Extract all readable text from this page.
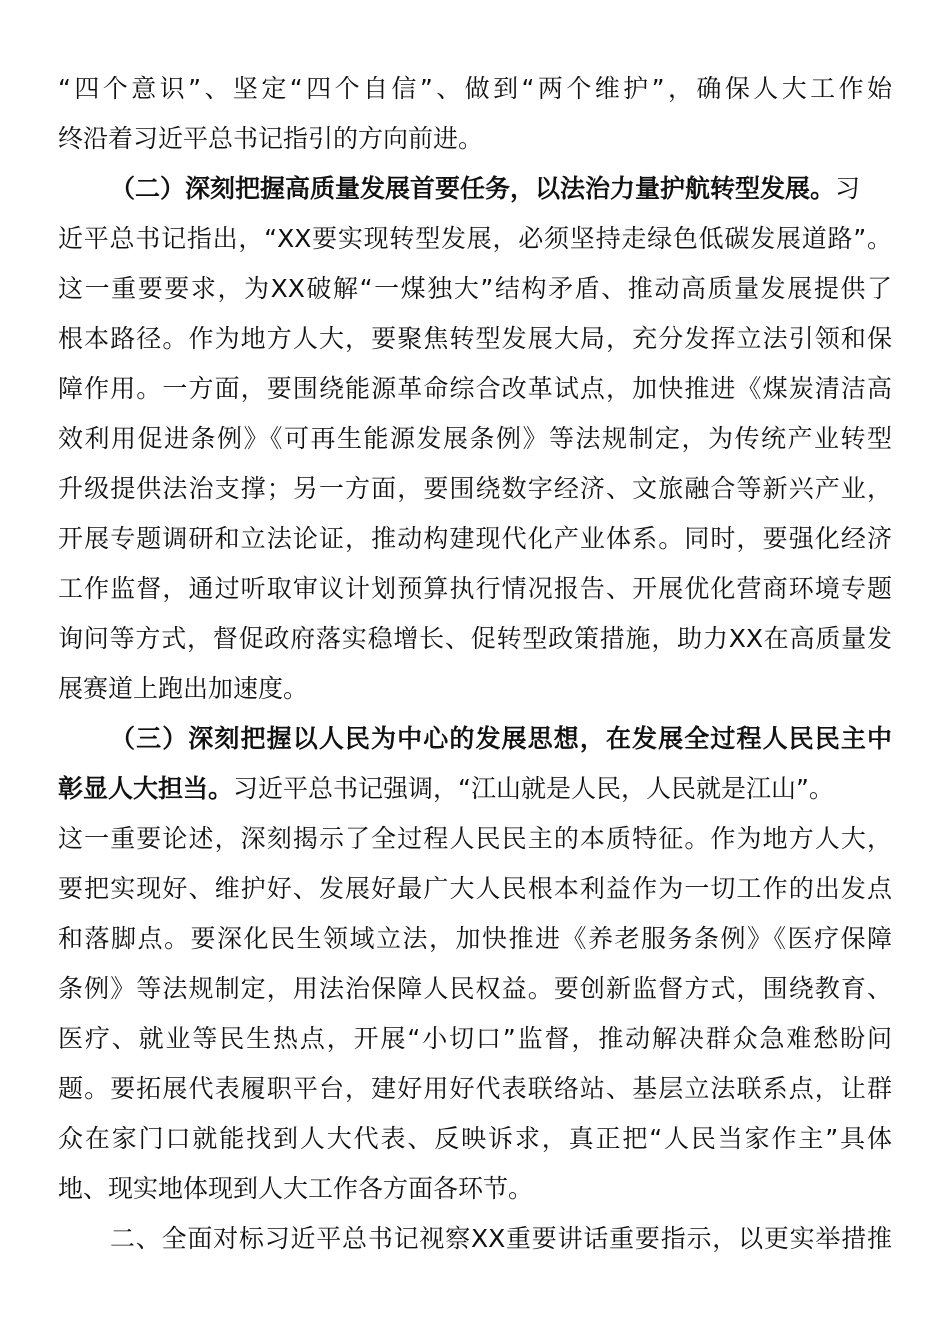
“四个意识”、坚定“四个自信”、做到“两个维护”，确保人大工作始

终沿着习近平总书记指引的方向前进。

（二）深刻把握高质量发展首要任务，以法治力量护航转型发展。习

近平总书记指出，“XX要实现转型发展，必须坚持走绿色低碳发展道路”。

这一重要要求，为XX破解“一煤独大”结构矛盾、推动高质量发展提供了

根本路径。作为地方人大，要聚焦转型发展大局，充分发挥立法引领和保

障作用。一方面，要围绕能源革命综合改革试点，加快推进《煤炭清洁高

效利用促进条例》《可再生能源发展条例》等法规制定，为传统产业转型

升级提供法治支撑；另一方面，要围绕数字经济、文旅融合等新兴产业，

开展专题调研和立法论证，推动构建现代化产业体系。同时，要强化经济

工作监督，通过听取审议计划预算执行情况报告、开展优化营商环境专题

询问等方式，督促政府落实稳增长、促转型政策措施，助力XX在高质量发

展赛道上跑出加速度。

（三）深刻把握以人民为中心的发展思想，在发展全过程人民民主中

彰显人大担当。习近平总书记强调，“江山就是人民，人民就是江山”。

这一重要论述，深刻揭示了全过程人民民主的本质特征。作为地方人大，

要把实现好、维护好、发展好最广大人民根本利益作为一切工作的出发点

和落脚点。要深化民生领域立法，加快推进《养老服务条例》《医疗保障

条例》等法规制定，用法治保障人民权益。要创新监督方式，围绕教育、

医疗、就业等民生热点，开展“小切口”监督，推动解决群众急难愁盼问

题。要拓展代表履职平台，建好用好代表联络站、基层立法联系点，让群

众在家门口就能找到人大代表、反映诉求，真正把“人民当家作主”具体

地、现实地体现到人大工作各方面各环节。

二、全面对标习近平总书记视察XX重要讲话重要指示，以更实举措推
